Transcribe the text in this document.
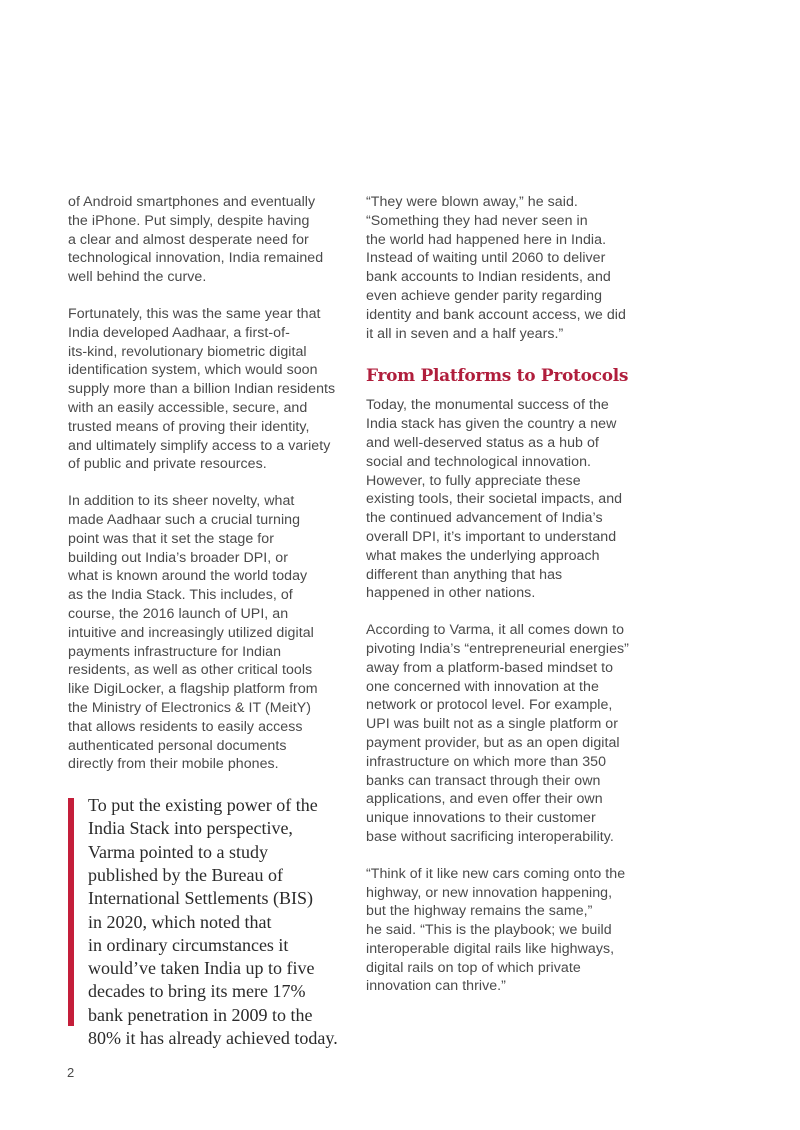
of Android smartphones and eventually
the iPhone. Put simply, despite having
a clear and almost desperate need for
technological innovation, India remained
well behind the curve.

Fortunately, this was the same year that
India developed Aadhaar, a first-of-
its-kind, revolutionary biometric digital
identification system, which would soon
supply more than a billion Indian residents
with an easily accessible, secure, and
trusted means of proving their identity,
and ultimately simplify access to a variety
of public and private resources.

In addition to its sheer novelty, what
made Aadhaar such a crucial turning
point was that it set the stage for
building out India’s broader DPI, or
what is known around the world today
as the India Stack. This includes, of
course, the 2016 launch of UPI, an
intuitive and increasingly utilized digital
payments infrastructure for Indian
residents, as well as other critical tools
like DigiLocker, a flagship platform from
the Ministry of Electronics & IT (MeitY)
that allows residents to easily access
authenticated personal documents
directly from their mobile phones.

To put the existing power of the
India Stack into perspective,
Varma pointed to a study
published by the Bureau of
International Settlements (BIS)
in 2020, which noted that
in ordinary circumstances it
would’ve taken India up to five
decades to bring its mere 17%
bank penetration in 2009 to the
80% it has already achieved today.

“They were blown away,” he said.
“Something they had never seen in
the world had happened here in India.
Instead of waiting until 2060 to deliver
bank accounts to Indian residents, and
even achieve gender parity regarding
identity and bank account access, we did
it all in seven and a half years.”

From Platforms to Protocols

Today, the monumental success of the
India stack has given the country a new
and well-deserved status as a hub of
social and technological innovation.
However, to fully appreciate these
existing tools, their societal impacts, and
the continued advancement of India’s
overall DPI, it’s important to understand
what makes the underlying approach
different than anything that has
happened in other nations.

According to Varma, it all comes down to
pivoting India’s “entrepreneurial energies”
away from a platform-based mindset to
one concerned with innovation at the
network or protocol level. For example,
UPI was built not as a single platform or
payment provider, but as an open digital
infrastructure on which more than 350
banks can transact through their own
applications, and even offer their own
unique innovations to their customer
base without sacrificing interoperability.

“Think of it like new cars coming onto the
highway, or new innovation happening,
but the highway remains the same,”
he said. “This is the playbook; we build
interoperable digital rails like highways,
digital rails on top of which private
innovation can thrive.”

2
